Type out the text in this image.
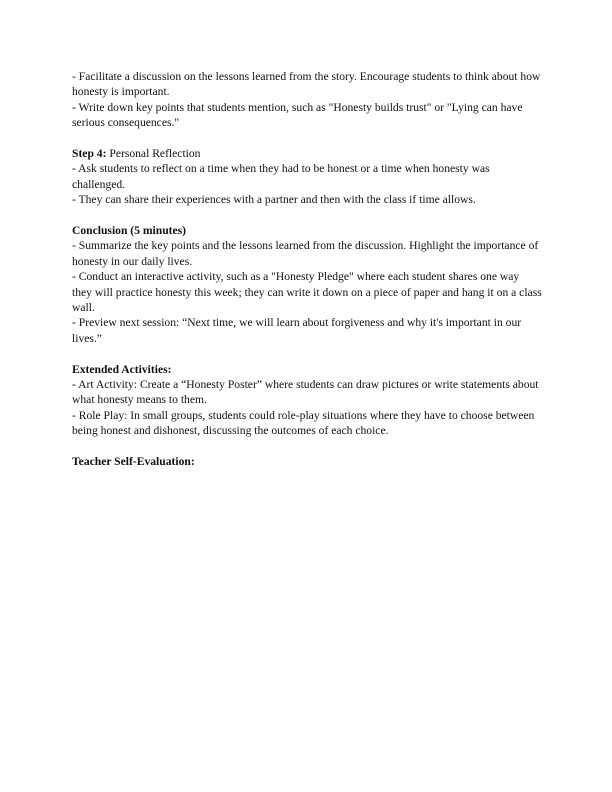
- Facilitate a discussion on the lessons learned from the story. Encourage students to think about how honesty is important.
- Write down key points that students mention, such as "Honesty builds trust" or "Lying can have serious consequences."
Step 4: Personal Reflection
- Ask students to reflect on a time when they had to be honest or a time when honesty was challenged.
- They can share their experiences with a partner and then with the class if time allows.
Conclusion (5 minutes)
- Summarize the key points and the lessons learned from the discussion. Highlight the importance of honesty in our daily lives.
- Conduct an interactive activity, such as a "Honesty Pledge" where each student shares one way they will practice honesty this week; they can write it down on a piece of paper and hang it on a class wall.
- Preview next session: “Next time, we will learn about forgiveness and why it's important in our lives.”
Extended Activities:
- Art Activity: Create a “Honesty Poster” where students can draw pictures or write statements about what honesty means to them.
- Role Play: In small groups, students could role-play situations where they have to choose between being honest and dishonest, discussing the outcomes of each choice.
Teacher Self-Evaluation:
